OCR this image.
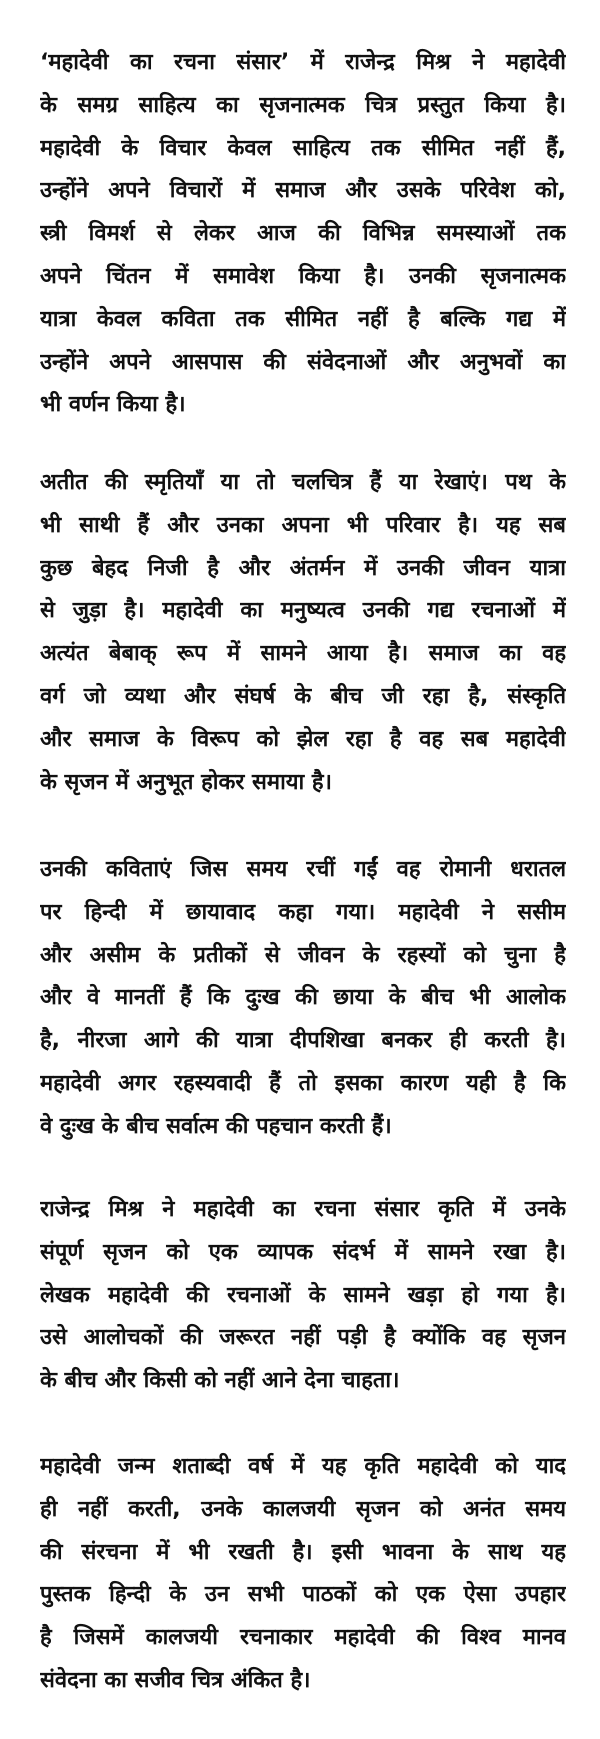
‘महादेवी का रचना संसार’ में राजेन्द्र मिश्र ने महादेवी
के समग्र साहित्य का सृजनात्मक चित्र प्रस्तुत किया है।
महादेवी के विचार केवल साहित्य तक सीमित नहीं हैं,
उन्होंने अपने विचारों में समाज और उसके परिवेश को,
स्त्री विमर्श से लेकर आज की विभिन्न समस्याओं तक
अपने चिंतन में समावेश किया है। उनकी सृजनात्मक
यात्रा केवल कविता तक सीमित नहीं है बल्कि गद्य में
उन्होंने अपने आसपास की संवेदनाओं और अनुभवों का
भी वर्णन किया है।
अतीत की स्मृतियाँ या तो चलचित्र हैं या रेखाएं। पथ के
भी साथी हैं और उनका अपना भी परिवार है। यह सब
कुछ बेहद निजी है और अंतर्मन में उनकी जीवन यात्रा
से जुड़ा है। महादेवी का मनुष्यत्व उनकी गद्य रचनाओं में
अत्यंत बेबाक् रूप में सामने आया है। समाज का वह
वर्ग जो व्यथा और संघर्ष के बीच जी रहा है, संस्कृति
और समाज के विरूप को झेल रहा है वह सब महादेवी
के सृजन में अनुभूत होकर समाया है।
उनकी कविताएं जिस समय रचीं गईं वह रोमानी धरातल
पर हिन्दी में छायावाद कहा गया। महादेवी ने ससीम
और असीम के प्रतीकों से जीवन के रहस्यों को चुना है
और वे मानतीं हैं कि दुःख की छाया के बीच भी आलोक
है, नीरजा आगे की यात्रा दीपशिखा बनकर ही करती है।
महादेवी अगर रहस्यवादी हैं तो इसका कारण यही है कि
वे दुःख के बीच सर्वात्म की पहचान करती हैं।
राजेन्द्र मिश्र ने महादेवी का रचना संसार कृति में उनके
संपूर्ण सृजन को एक व्यापक संदर्भ में सामने रखा है।
लेखक महादेवी की रचनाओं के सामने खड़ा हो गया है।
उसे आलोचकों की जरूरत नहीं पड़ी है क्योंकि वह सृजन
के बीच और किसी को नहीं आने देना चाहता।
महादेवी जन्म शताब्दी वर्ष में यह कृति महादेवी को याद
ही नहीं करती, उनके कालजयी सृजन को अनंत समय
की संरचना में भी रखती है। इसी भावना के साथ यह
पुस्तक हिन्दी के उन सभी पाठकों को एक ऐसा उपहार
है जिसमें कालजयी रचनाकार महादेवी की विश्व मानव
संवेदना का सजीव चित्र अंकित है।
